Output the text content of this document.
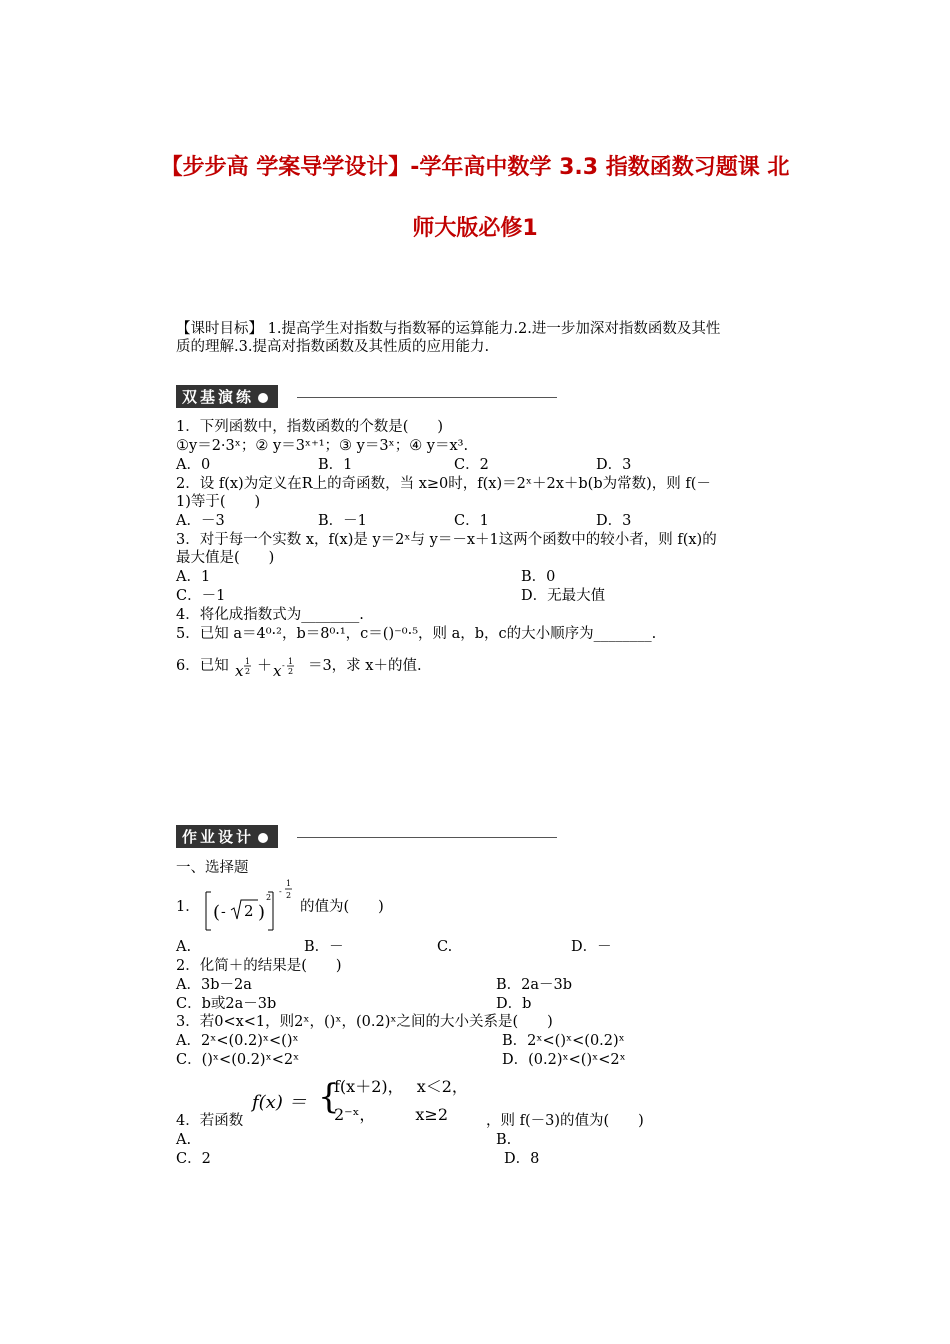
【步步高 学案导学设计】-学年高中数学 3.3 指数函数习题课 北
师大版必修1
【课时目标】 1.提高学生对指数与指数幂的运算能力.2.进一步加深对指数函数及其性
质的理解.3.提高对指数函数及其性质的应用能力.
双基演练
1．下列函数中，指数函数的个数是(　　)
①y＝2·3ˣ；② y＝3ˣ⁺¹；③ y＝3ˣ；④ y＝x³.
A．0	B．1	C．2	D．3
2．设 f(x)为定义在R上的奇函数，当 x≥0时，f(x)＝2ˣ＋2x＋b(b为常数)，则 f(－
1)等于(　　)
A．－3	B．－1	C．1	D．3
3．对于每一个实数 x，f(x)是 y＝2ˣ与 y＝－x＋1这两个函数中的较小者，则 f(x)的
最大值是(　　)
A．1	B．0
C．－1	D．无最大值
4．将化成指数式为________.
5．已知 a＝4⁰·²，b＝8⁰·¹，c＝()⁻⁰·⁵，则 a，b，c的大小顺序为________.
6．已知 x
1
2 ＋ x - 1
2 ＝3，求 x＋的值.
作业设计
一、选择题
1． ( - 2 )
2
-
1
2
的值为(　　)
A.	B．－	C.	D．－
2．化简＋的结果是(　　)
A．3b－2a	B．2a－3b
C．b或2a－3b	D．b
3．若0<x<1，则2ˣ，()ˣ，(0.2)ˣ之间的大小关系是(　　)
A．2ˣ<(0.2)ˣ<()ˣ	B．2ˣ<()ˣ<(0.2)ˣ
C．()ˣ<(0.2)ˣ<2ˣ	D．(0.2)ˣ<()ˣ<2ˣ
f(x) ＝ {
f(x＋2)，　 x＜2，
2⁻ˣ，　　　x≥2
4．若函数	，则 f(－3)的值为(　　)
A.	B.
C．2	D．8
